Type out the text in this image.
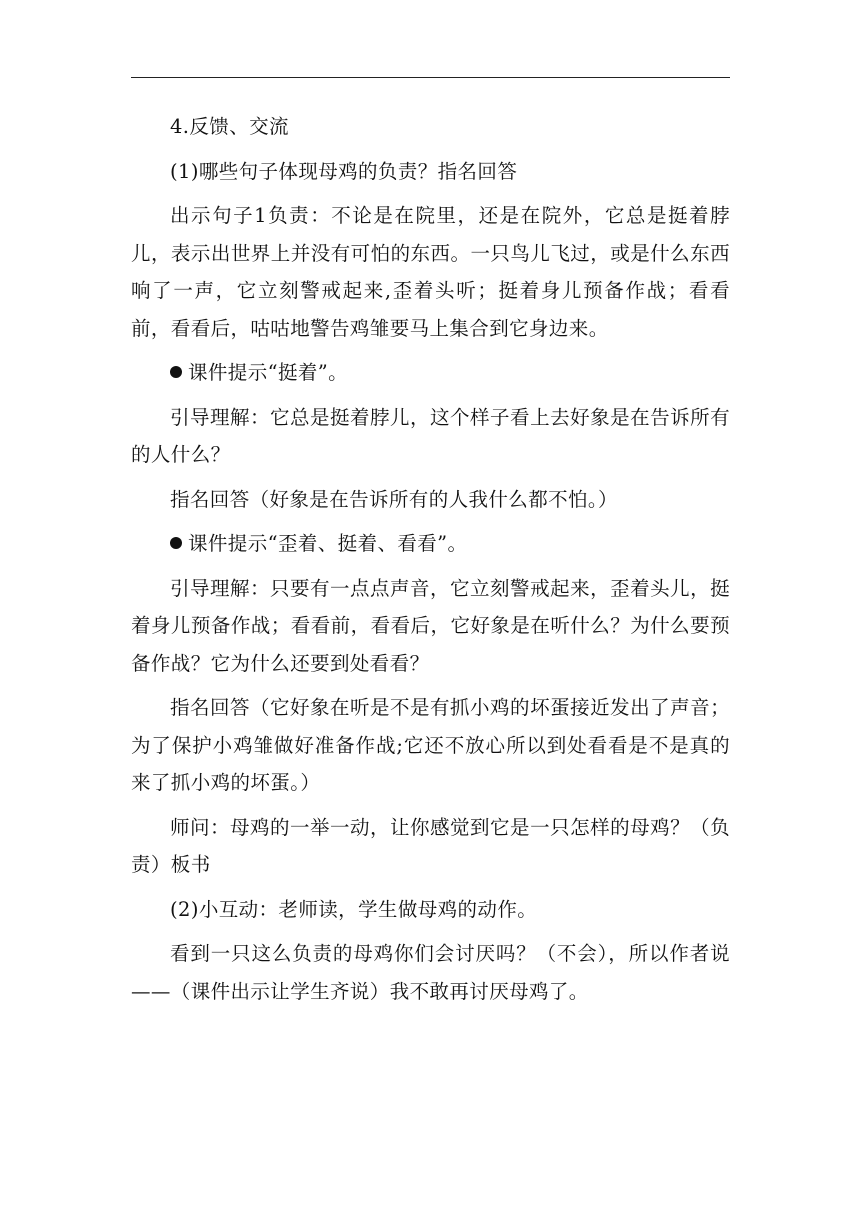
4.反馈、交流

(1)哪些句子体现母鸡的负责？指名回答

出示句子1负责：不论是在院里，还是在院外，它总是挺着脖儿，表示出世界上并没有可怕的东西。一只鸟儿飞过，或是什么东西响了一声，它立刻警戒起来,歪着头听；挺着身儿预备作战；看看前，看看后，咕咕地警告鸡雏要马上集合到它身边来。

课件提示“挺着”。

引导理解：它总是挺着脖儿，这个样子看上去好象是在告诉所有的人什么？

指名回答（好象是在告诉所有的人我什么都不怕。）

课件提示“歪着、挺着、看看”。

引导理解：只要有一点点声音，它立刻警戒起来，歪着头儿，挺着身儿预备作战；看看前，看看后，它好象是在听什么？为什么要预备作战？它为什么还要到处看看？

指名回答（它好象在听是不是有抓小鸡的坏蛋接近发出了声音；为了保护小鸡雏做好准备作战;它还不放心所以到处看看是不是真的来了抓小鸡的坏蛋。）

师问：母鸡的一举一动，让你感觉到它是一只怎样的母鸡？（负责）板书

(2)小互动：老师读，学生做母鸡的动作。

看到一只这么负责的母鸡你们会讨厌吗？（不会），所以作者说——（课件出示让学生齐说）我不敢再讨厌母鸡了。
